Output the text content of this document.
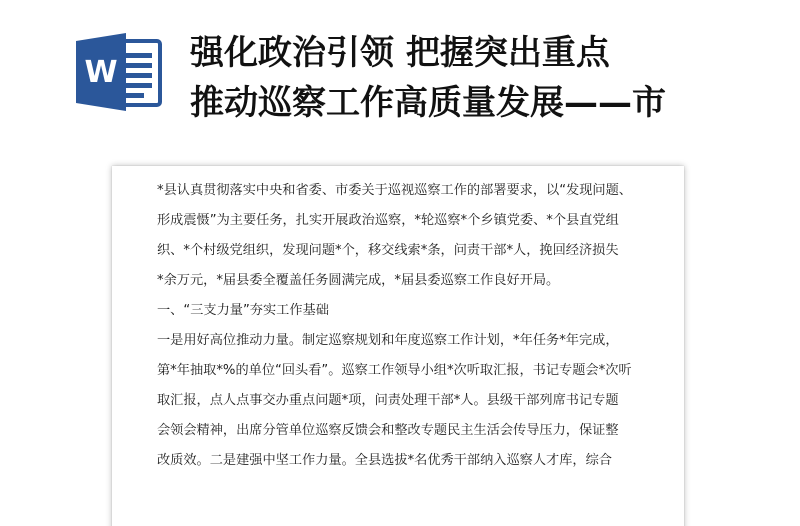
W 强化政治引领 把握突出重点
推动巡察工作高质量发展——市
*县认真贯彻落实中央和省委、市委关于巡视巡察工作的部署要求，以“发现问题、
形成震慑”为主要任务，扎实开展政治巡察，*轮巡察*个乡镇党委、*个县直党组
织、*个村级党组织，发现问题*个，移交线索*条，问责干部*人，挽回经济损失
*余万元，*届县委全覆盖任务圆满完成，*届县委巡察工作良好开局。
一、“三支力量”夯实工作基础
一是用好高位推动力量。制定巡察规划和年度巡察工作计划，*年任务*年完成，
第*年抽取*%的单位“回头看”。巡察工作领导小组*次听取汇报，书记专题会*次听
取汇报，点人点事交办重点问题*项，问责处理干部*人。县级干部列席书记专题
会领会精神，出席分管单位巡察反馈会和整改专题民主生活会传导压力，保证整
改质效。二是建强中坚工作力量。全县选拔*名优秀干部纳入巡察人才库，综合
